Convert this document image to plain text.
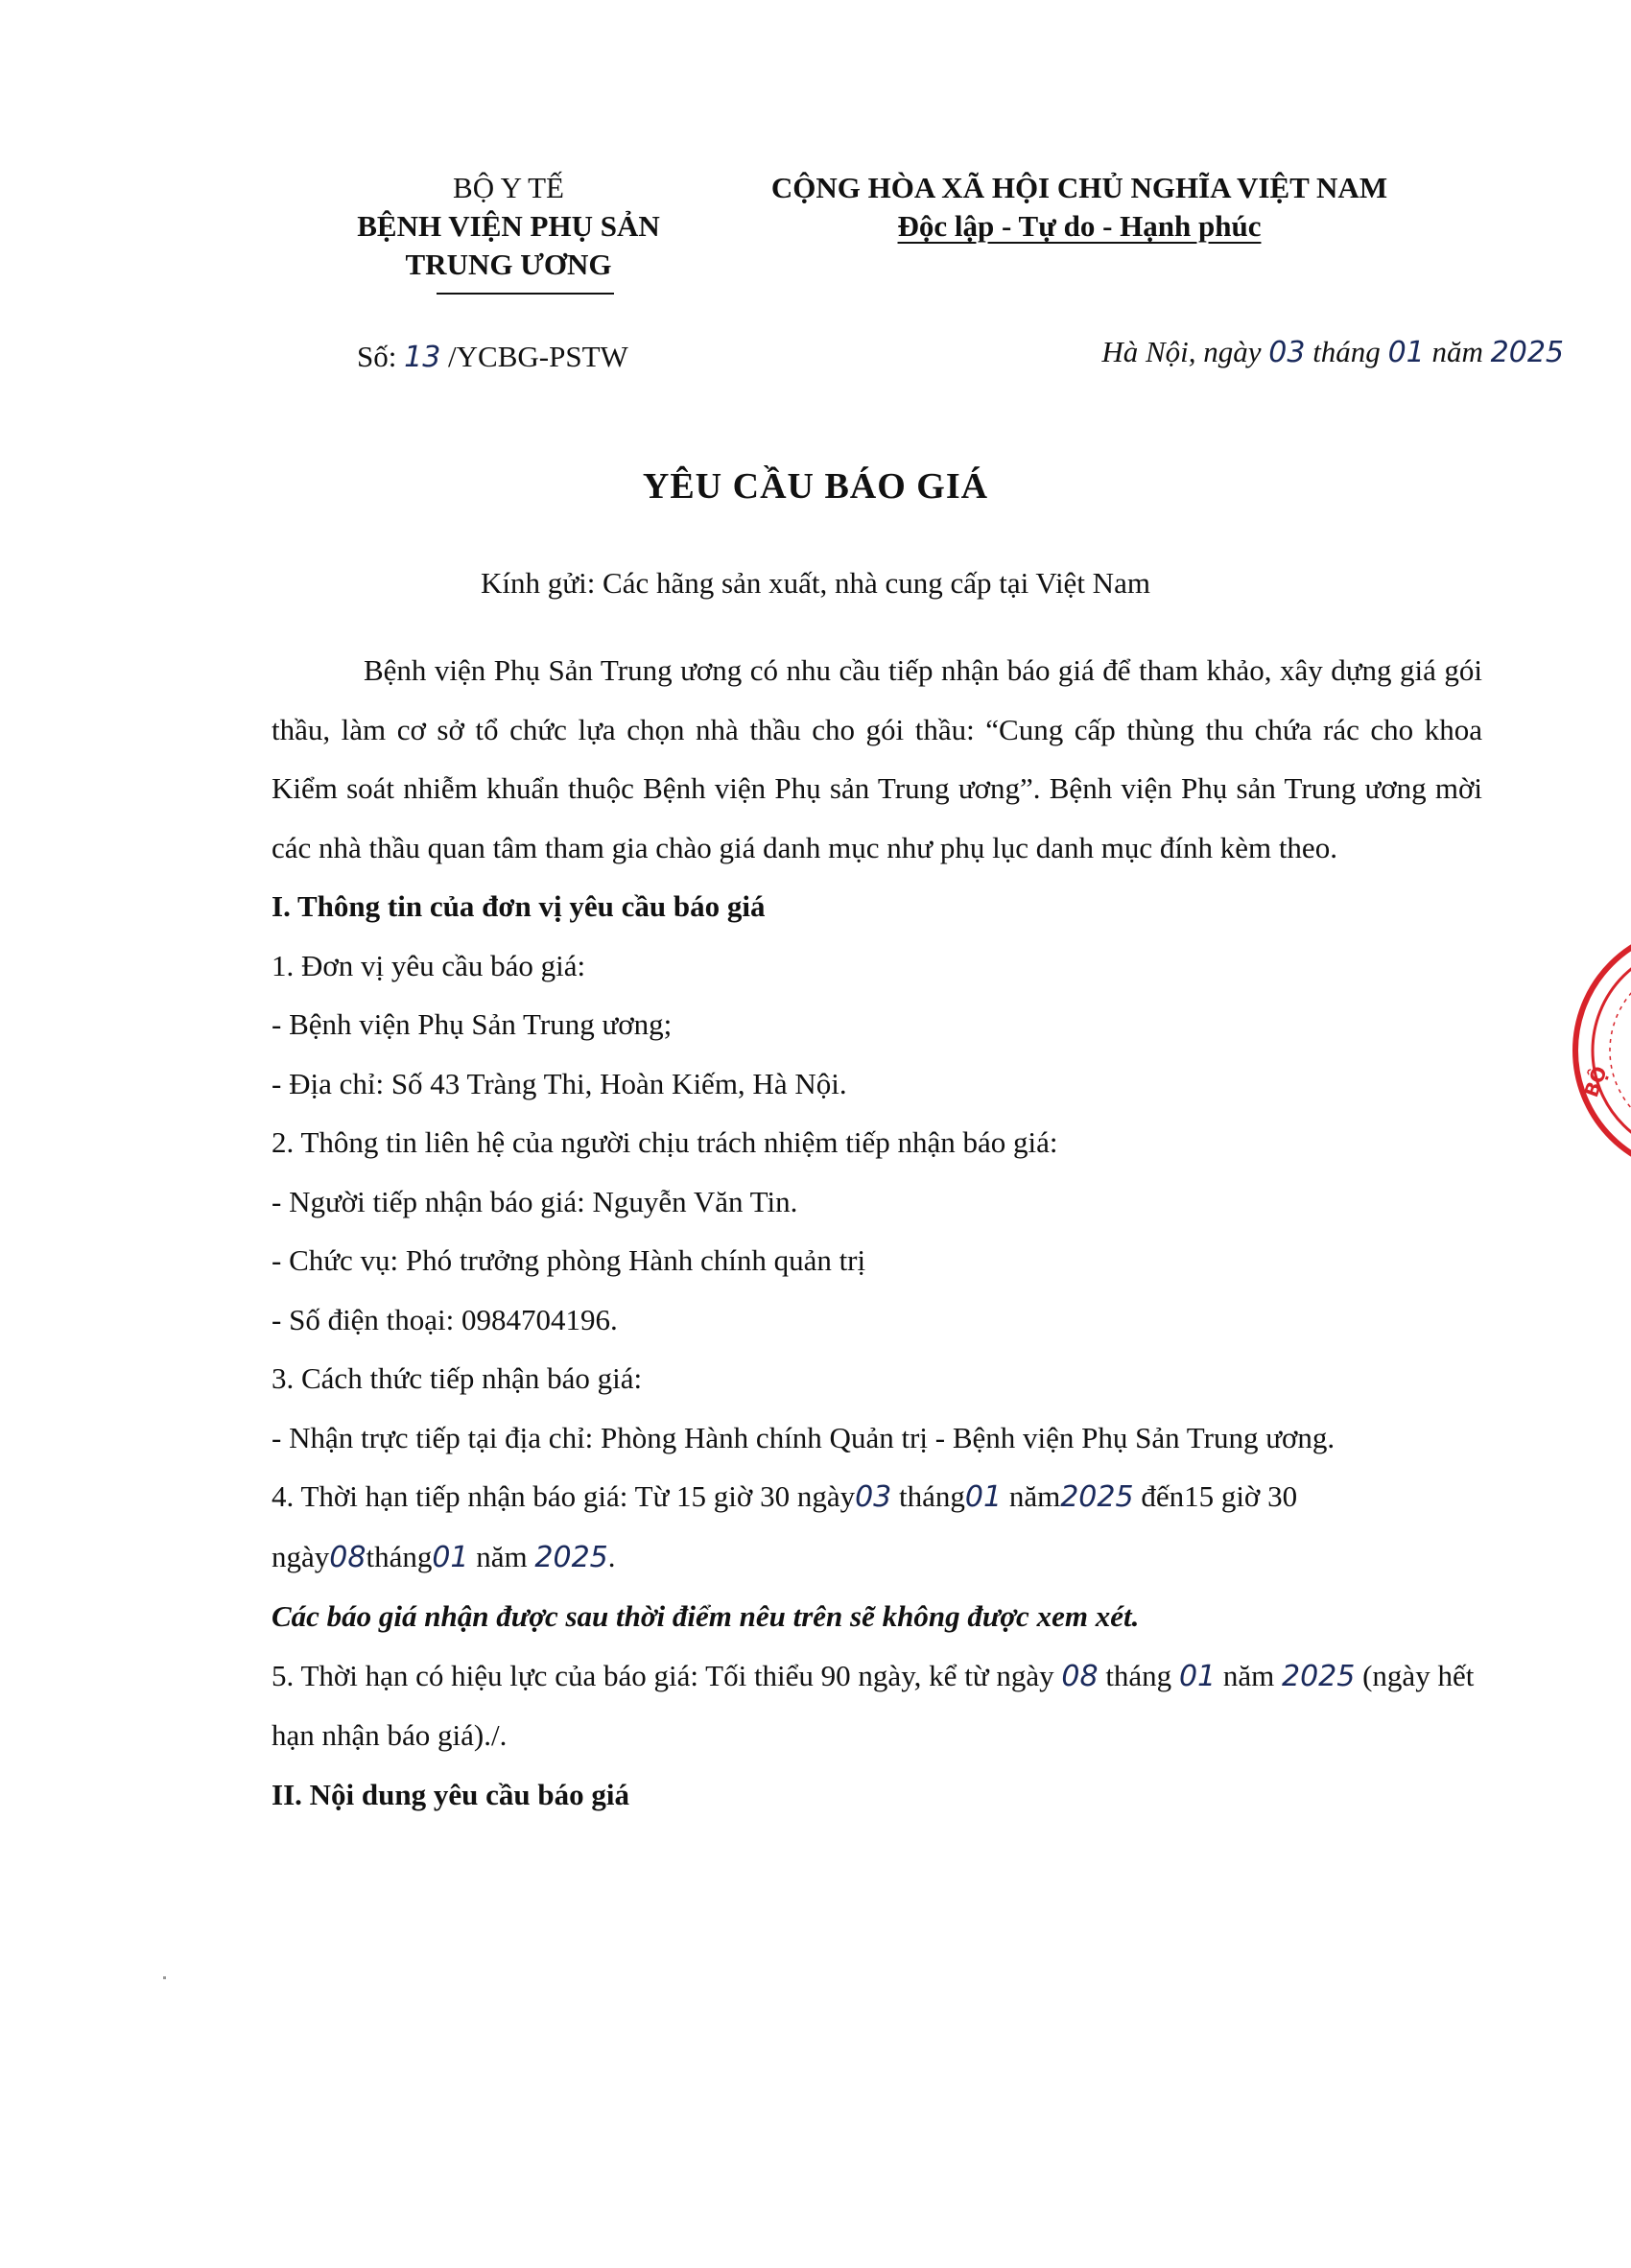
BỘ Y TẾ
BỆNH VIỆN PHỤ SẢN
TRUNG ƯƠNG
CỘNG HÒA XÃ HỘI CHỦ NGHĨA VIỆT NAM
Độc lập - Tự do - Hạnh phúc
Số: 13 /YCBG-PSTW	Hà Nội, ngày 03 tháng 01 năm 2025
YÊU CẦU BÁO GIÁ
Kính gửi: Các hãng sản xuất, nhà cung cấp tại Việt Nam

Bệnh viện Phụ Sản Trung ương có nhu cầu tiếp nhận báo giá để tham khảo, xây dựng giá gói thầu, làm cơ sở tổ chức lựa chọn nhà thầu cho gói thầu: “Cung cấp thùng thu chứa rác cho khoa Kiểm soát nhiễm khuẩn thuộc Bệnh viện Phụ sản Trung ương”. Bệnh viện Phụ sản Trung ương mời các nhà thầu quan tâm tham gia chào giá danh mục như phụ lục danh mục đính kèm theo.

I. Thông tin của đơn vị yêu cầu báo giá

1. Đơn vị yêu cầu báo giá:

- Bệnh viện Phụ Sản Trung ương;

- Địa chỉ: Số 43 Tràng Thi, Hoàn Kiếm, Hà Nội.

2. Thông tin liên hệ của người chịu trách nhiệm tiếp nhận báo giá:

- Người tiếp nhận báo giá: Nguyễn Văn Tin.

- Chức vụ: Phó trưởng phòng Hành chính quản trị

- Số điện thoại: 0984704196.

3. Cách thức tiếp nhận báo giá:

- Nhận trực tiếp tại địa chỉ: Phòng Hành chính Quản trị - Bệnh viện Phụ Sản Trung ương.

4. Thời hạn tiếp nhận báo giá: Từ 15 giờ 30 ngày03 tháng01 năm2025 đến15 giờ 30 ngày08tháng01 năm 2025.

Các báo giá nhận được sau thời điểm nêu trên sẽ không được xem xét.

5. Thời hạn có hiệu lực của báo giá: Tối thiểu 90 ngày, kể từ ngày 08 tháng 01 năm 2025 (ngày hết hạn nhận báo giá)./.

II. Nội dung yêu cầu báo giá

BỘ
